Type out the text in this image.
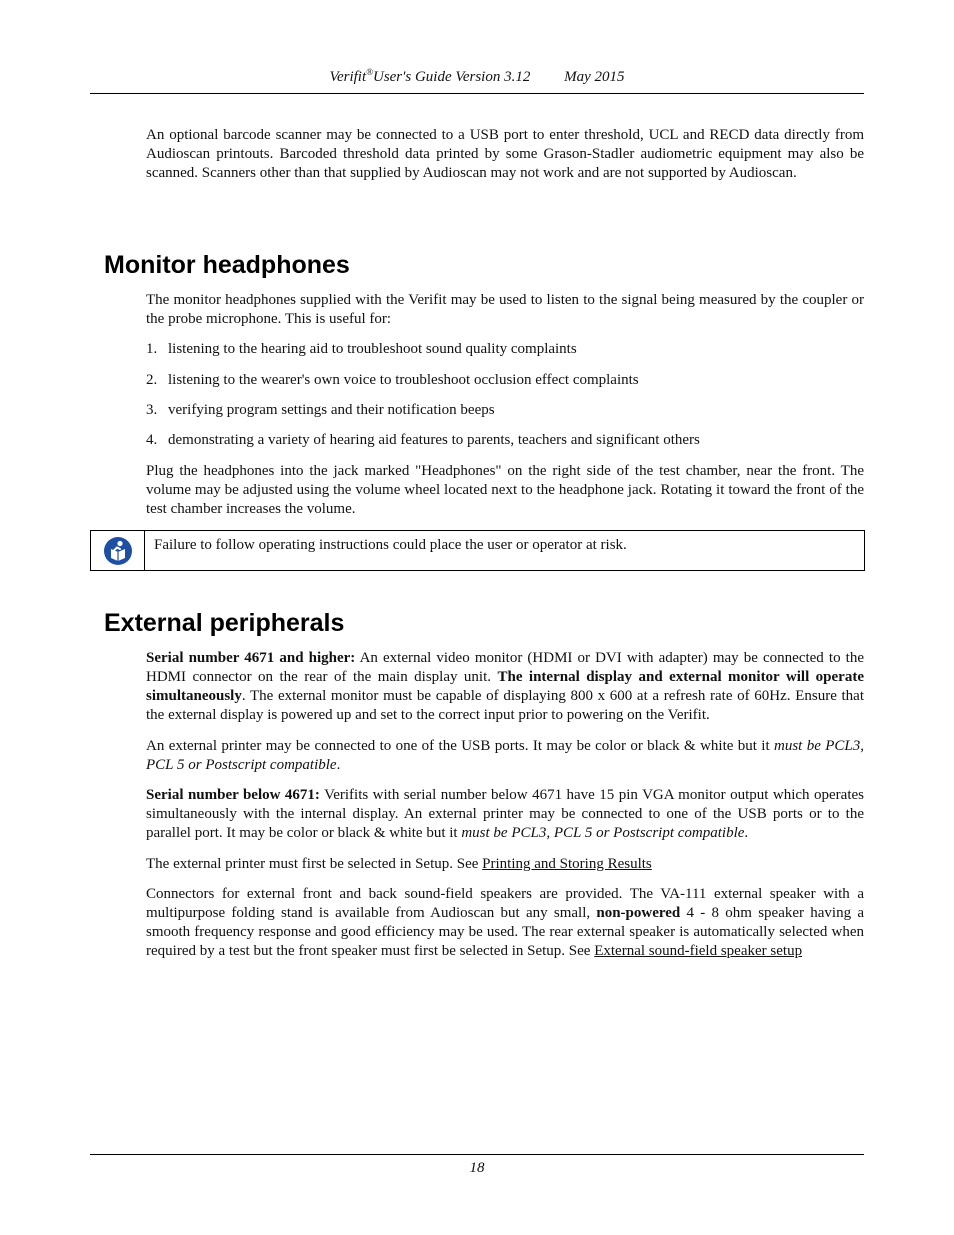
Verifit®User's Guide Version 3.12 May 2015

An optional barcode scanner may be connected to a USB port to enter threshold, UCL and RECD data directly from Audioscan printouts. Barcoded threshold data printed by some Grason-Stadler audiometric equipment may also be scanned. Scanners other than that supplied by Audioscan may not work and are not supported by Audioscan.

Monitor headphones

The monitor headphones supplied with the Verifit may be used to listen to the signal being measured by the coupler or the probe microphone. This is useful for:

1. listening to the hearing aid to troubleshoot sound quality complaints

2. listening to the wearer's own voice to troubleshoot occlusion effect complaints

3. verifying program settings and their notification beeps

4. demonstrating a variety of hearing aid features to parents, teachers and significant others

Plug the headphones into the jack marked "Headphones" on the right side of the test chamber, near the front. The volume may be adjusted using the volume wheel located next to the headphone jack. Rotating it toward the front of the test chamber increases the volume.

Failure to follow operating instructions could place the user or operator at risk.
External peripherals

Serial number 4671 and higher: An external video monitor (HDMI or DVI with adapter) may be connected to the HDMI connector on the rear of the main display unit. The internal display and external monitor will operate simultaneously. The external monitor must be capable of displaying 800 x 600 at a refresh rate of 60Hz. Ensure that the external display is powered up and set to the correct input prior to powering on the Verifit.

An external printer may be connected to one of the USB ports. It may be color or black & white but it must be PCL3, PCL 5 or Postscript compatible.

Serial number below 4671: Verifits with serial number below 4671 have 15 pin VGA monitor output which operates simultaneously with the internal display. An external printer may be connected to one of the USB ports or to the parallel port. It may be color or black & white but it must be PCL3, PCL 5 or Postscript compatible.

The external printer must first be selected in Setup. See Printing and Storing Results

Connectors for external front and back sound-field speakers are provided. The VA-111 external speaker with a multipurpose folding stand is available from Audioscan but any small, non-powered 4 - 8 ohm speaker having a smooth frequency response and good efficiency may be used. The rear external speaker is automatically selected when required by a test but the front speaker must first be selected in Setup. See External sound-field speaker setup

18
